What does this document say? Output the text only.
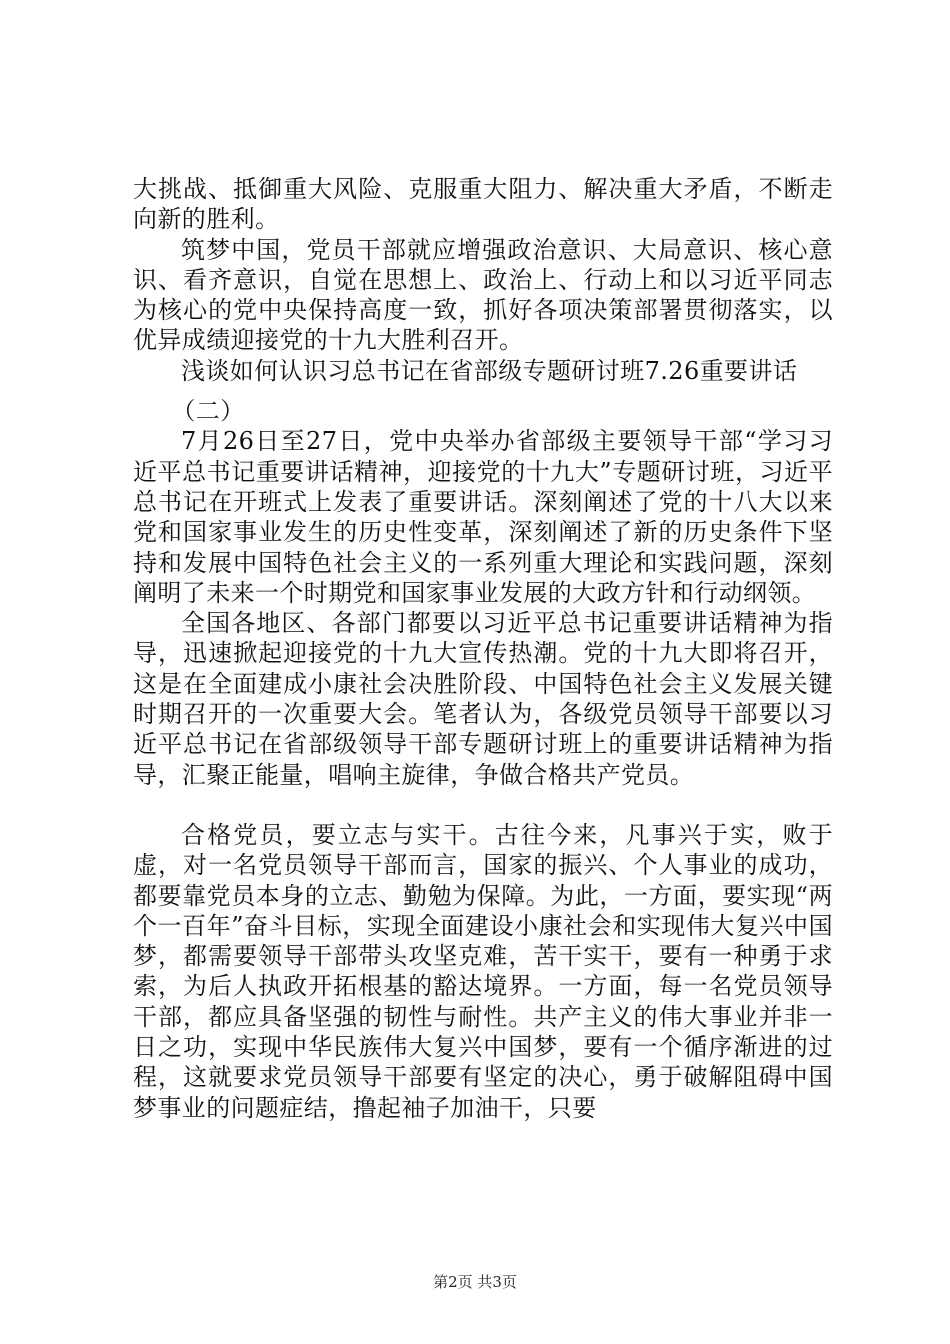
大挑战、抵御重大风险、克服重大阻力、解决重大矛盾，不断走向新的胜利。

筑梦中国，党员干部就应增强政治意识、大局意识、核心意识、看齐意识，自觉在思想上、政治上、行动上和以习近平同志为核心的党中央保持高度一致，抓好各项决策部署贯彻落实，以优异成绩迎接党的十九大胜利召开。

浅谈如何认识习总书记在省部级专题研讨班7.26重要讲话

（二）

7月26日至27日，党中央举办省部级主要领导干部“学习习近平总书记重要讲话精神，迎接党的十九大”专题研讨班，习近平总书记在开班式上发表了重要讲话。深刻阐述了党的十八大以来党和国家事业发生的历史性变革，深刻阐述了新的历史条件下坚持和发展中国特色社会主义的一系列重大理论和实践问题，深刻阐明了未来一个时期党和国家事业发展的大政方针和行动纲领。

全国各地区、各部门都要以习近平总书记重要讲话精神为指导，迅速掀起迎接党的十九大宣传热潮。党的十九大即将召开，这是在全面建成小康社会决胜阶段、中国特色社会主义发展关键时期召开的一次重要大会。笔者认为，各级党员领导干部要以习近平总书记在省部级领导干部专题研讨班上的重要讲话精神为指导，汇聚正能量，唱响主旋律，争做合格共产党员。

合格党员，要立志与实干。古往今来，凡事兴于实，败于虚，对一名党员领导干部而言，国家的振兴、个人事业的成功，都要靠党员本身的立志、勤勉为保障。为此，一方面，要实现“两个一百年”奋斗目标，实现全面建设小康社会和实现伟大复兴中国梦，都需要领导干部带头攻坚克难，苦干实干，要有一种勇于求索，为后人执政开拓根基的豁达境界。一方面，每一名党员领导干部，都应具备坚强的韧性与耐性。共产主义的伟大事业并非一日之功，实现中华民族伟大复兴中国梦，要有一个循序渐进的过程，这就要求党员领导干部要有坚定的决心，勇于破解阻碍中国梦事业的问题症结，撸起袖子加油干，只要

第2页 共3页
